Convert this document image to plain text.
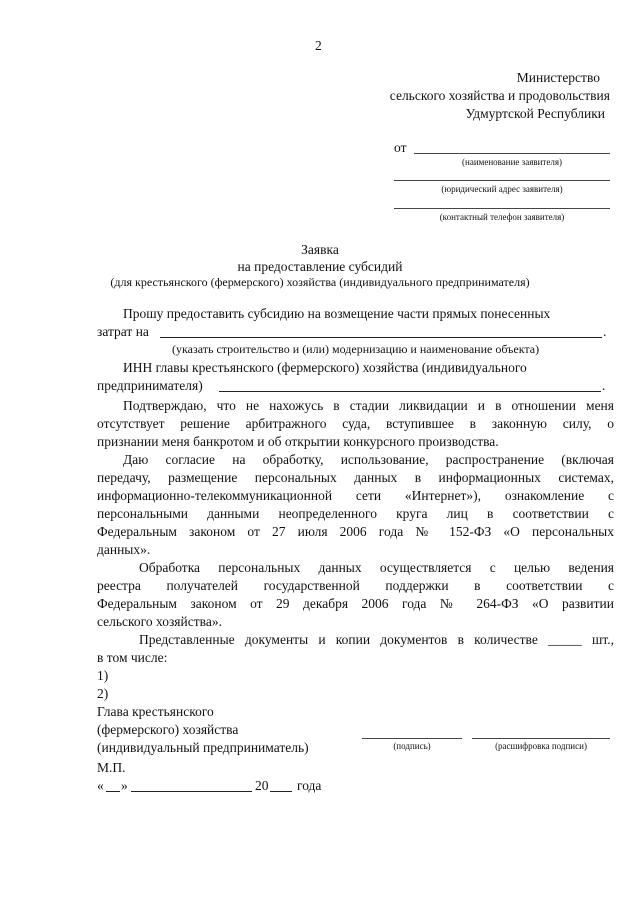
2
Министерство
сельского хозяйства и продовольствия
Удмуртской Республики
от
(наименование заявителя)
(юридический адрес заявителя)
(контактный телефон заявителя)
Заявка
на предоставление субсидий
(для крестьянского (фермерского) хозяйства (индивидуального предпринимателя)
Прошу предоставить субсидию на возмещение части прямых понесенных
затрат на	.
(указать строительство и (или) модернизацию и наименование объекта)
ИНН главы крестьянского (фермерского) хозяйства (индивидуального
предпринимателя)	.
Подтверждаю, что не нахожусь в стадии ликвидации и в отношении меня
отсутствует решение арбитражного суда, вступившее в законную силу, о
признании меня банкротом и об открытии конкурсного производства.
Даю согласие на обработку, использование, распространение (включая
передачу, размещение персональных данных в информационных системах,
информационно-телекоммуникационной сети «Интернет»), ознакомление с
персональными данными неопределенного круга лиц в соответствии с
Федеральным законом от 27 июля 2006 года № 152-ФЗ «О персональных
данных».
Обработка персональных данных осуществляется с целью ведения
реестра получателей государственной поддержки в соответствии с
Федеральным законом от 29 декабря 2006 года № 264-ФЗ «О развитии
сельского хозяйства».
Представленные документы и копии документов в количестве _____ шт.,
в том числе:
1)
2)
Глава крестьянского
(фермерского) хозяйства
(индивидуальный предприниматель)	(подпись)	(расшифровка подписи)
М.П.
« »	20 года
